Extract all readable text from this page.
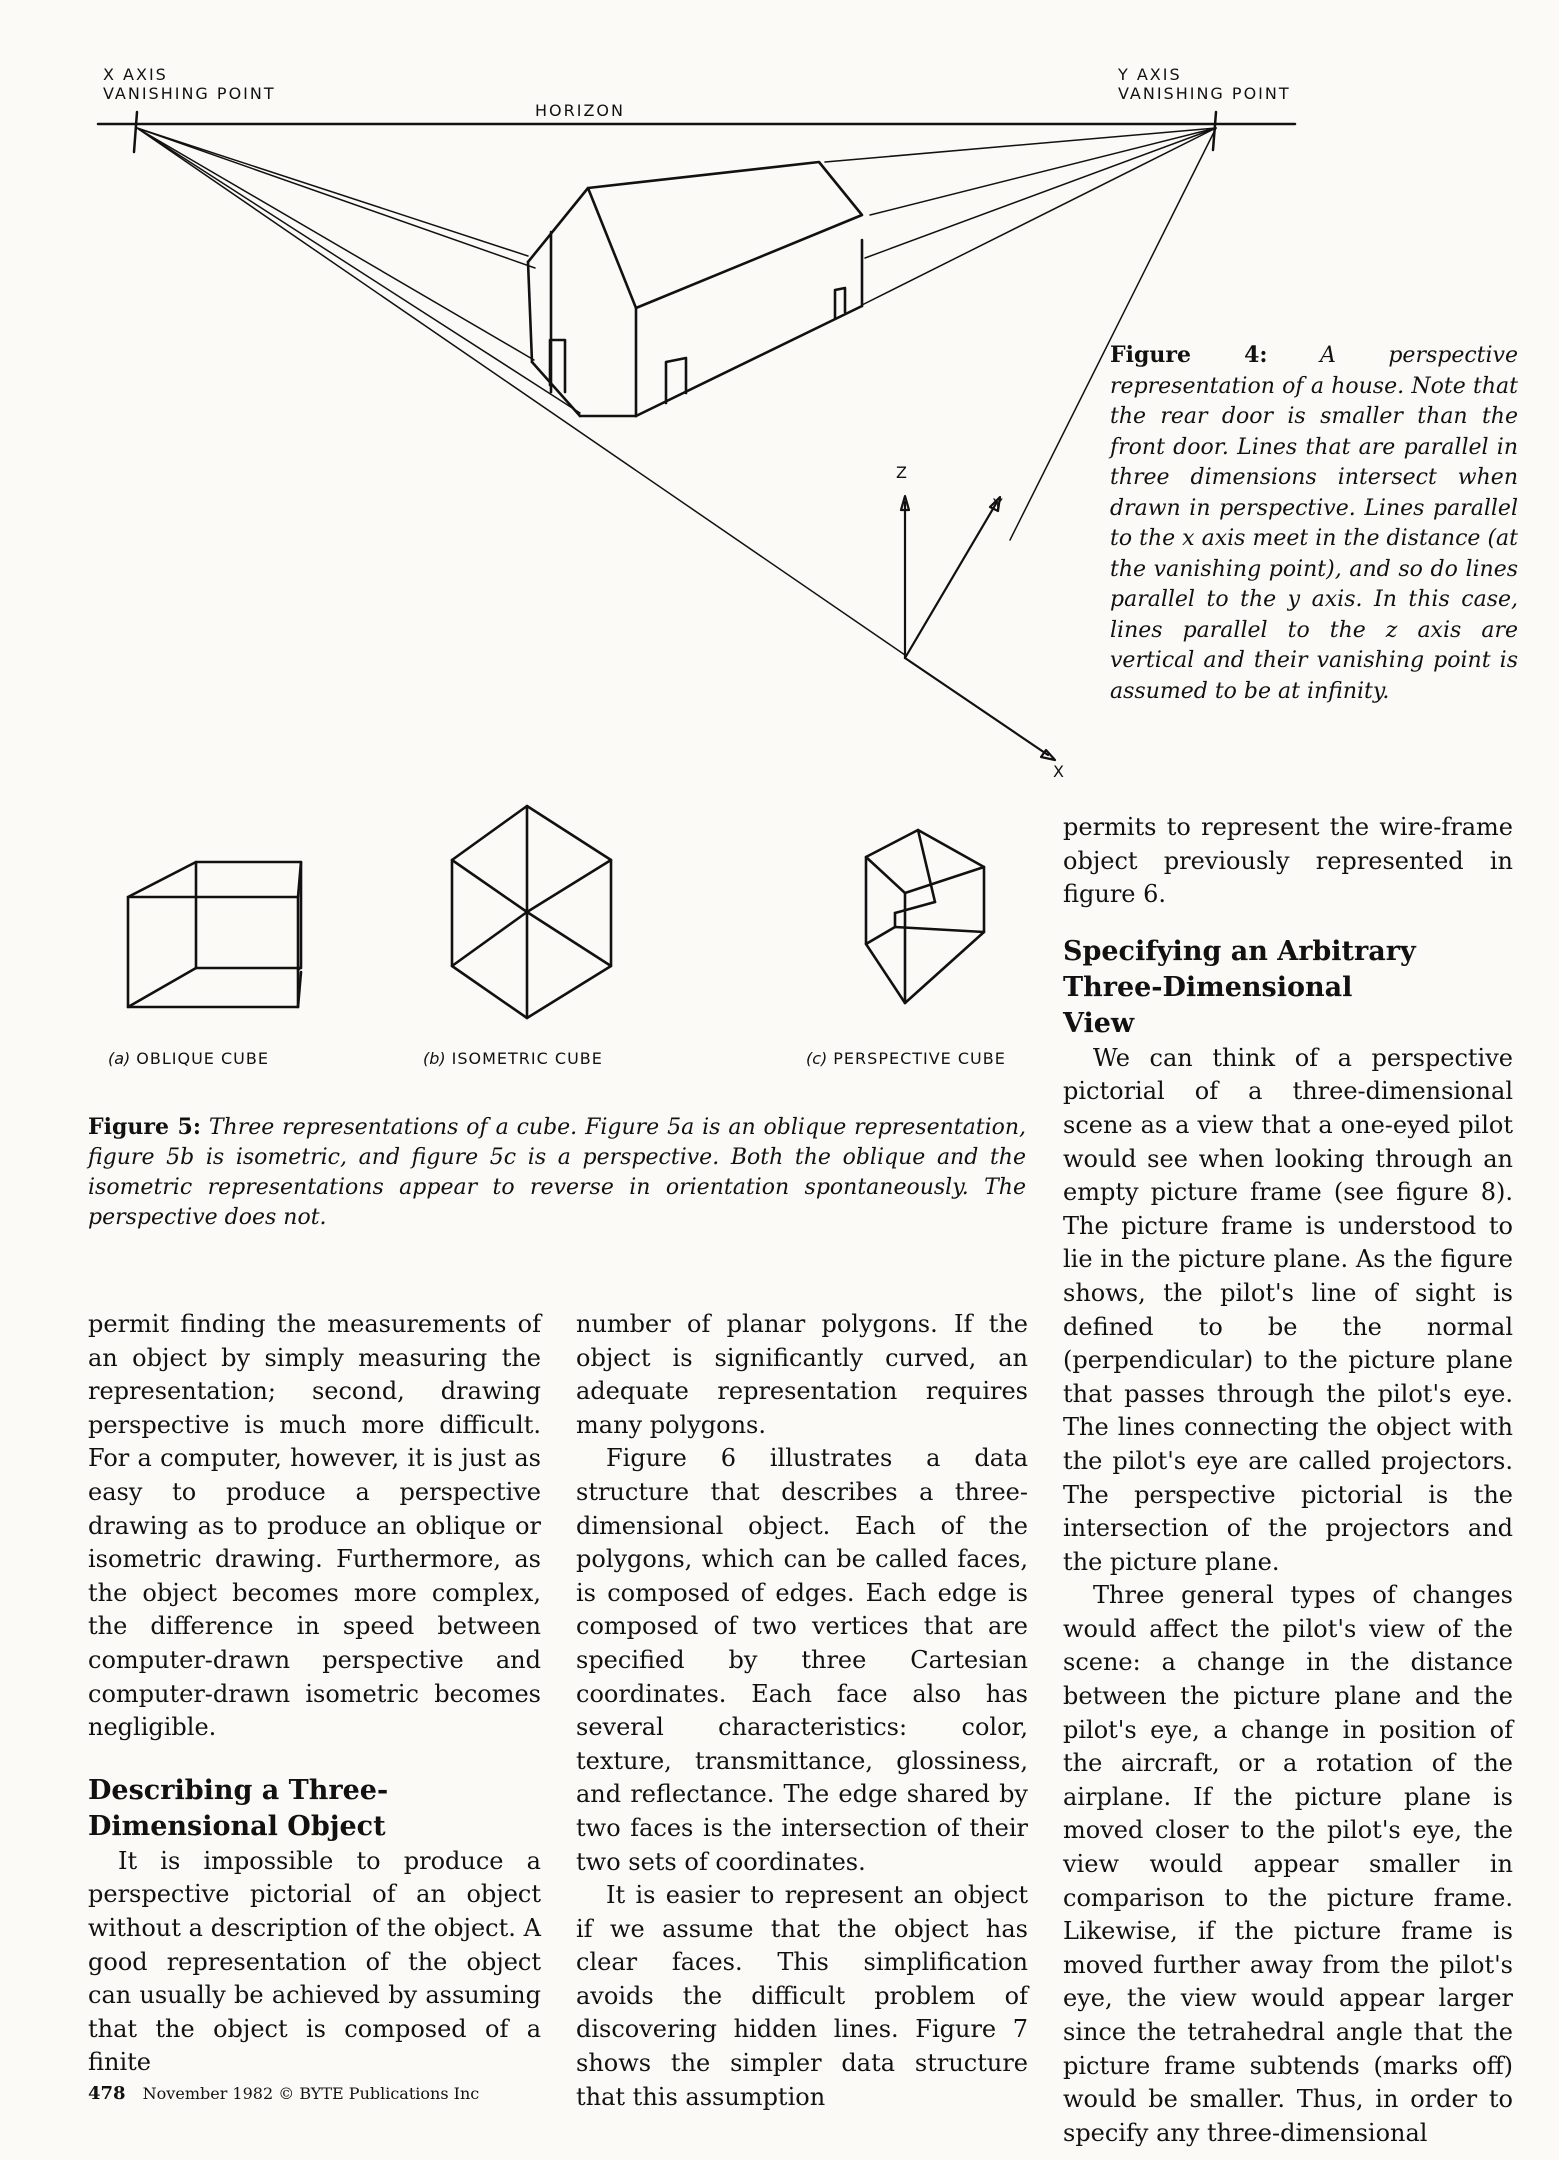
X AXIS
VANISHING POINT
Y AXIS
VANISHING POINT
HORIZON
Z
Y
X
Figure 4: A perspective representation of a house. Note that the rear door is smaller than the front door. Lines that are parallel in three dimensions intersect when drawn in perspective. Lines parallel to the x axis meet in the distance (at the vanishing point), and so do lines parallel to the y axis. In this case, lines parallel to the z axis are vertical and their vanishing point is assumed to be at infinity.
(a) OBLIQUE CUBE	(b) ISOMETRIC CUBE	(c) PERSPECTIVE CUBE
Figure 5: Three representations of a cube. Figure 5a is an oblique representation, figure 5b is isometric, and figure 5c is a perspective. Both the oblique and the isometric representations appear to reverse in orientation spontaneously. The perspective does not.

permit finding the measurements of an object by simply measuring the representation; second, drawing perspective is much more difficult. For a computer, however, it is just as easy to produce a perspective drawing as to produce an oblique or isometric drawing. Furthermore, as the object becomes more complex, the difference in speed between computer-drawn perspective and computer-drawn isometric becomes negligible.

Describing a Three-Dimensional Object

It is impossible to produce a perspective pictorial of an object without a description of the object. A good representation of the object can usually be achieved by assuming that the object is composed of a finite

number of planar polygons. If the object is significantly curved, an adequate representation requires many polygons.

Figure 6 illustrates a data structure that describes a three-dimensional object. Each of the polygons, which can be called faces, is composed of edges. Each edge is composed of two vertices that are specified by three Cartesian coordinates. Each face also has several characteristics: color, texture, transmittance, glossiness, and reflectance. The edge shared by two faces is the intersection of their two sets of coordinates.

It is easier to represent an object if we assume that the object has clear faces. This simplification avoids the difficult problem of discovering hidden lines. Figure 7 shows the simpler data structure that this assumption

permits to represent the wire-frame object previously represented in figure 6.

Specifying an Arbitrary Three-Dimensional View

We can think of a perspective pictorial of a three-dimensional scene as a view that a one-eyed pilot would see when looking through an empty picture frame (see figure 8). The picture frame is understood to lie in the picture plane. As the figure shows, the pilot's line of sight is defined to be the normal (perpendicular) to the picture plane that passes through the pilot's eye. The lines connecting the object with the pilot's eye are called projectors. The perspective pictorial is the intersection of the projectors and the picture plane.

Three general types of changes would affect the pilot's view of the scene: a change in the distance between the picture plane and the pilot's eye, a change in position of the aircraft, or a rotation of the airplane. If the picture plane is moved closer to the pilot's eye, the view would appear smaller in comparison to the picture frame. Likewise, if the picture frame is moved further away from the pilot's eye, the view would appear larger since the tetrahedral angle that the picture frame subtends (marks off) would be smaller. Thus, in order to specify any three-dimensional

478 November 1982 © BYTE Publications Inc
